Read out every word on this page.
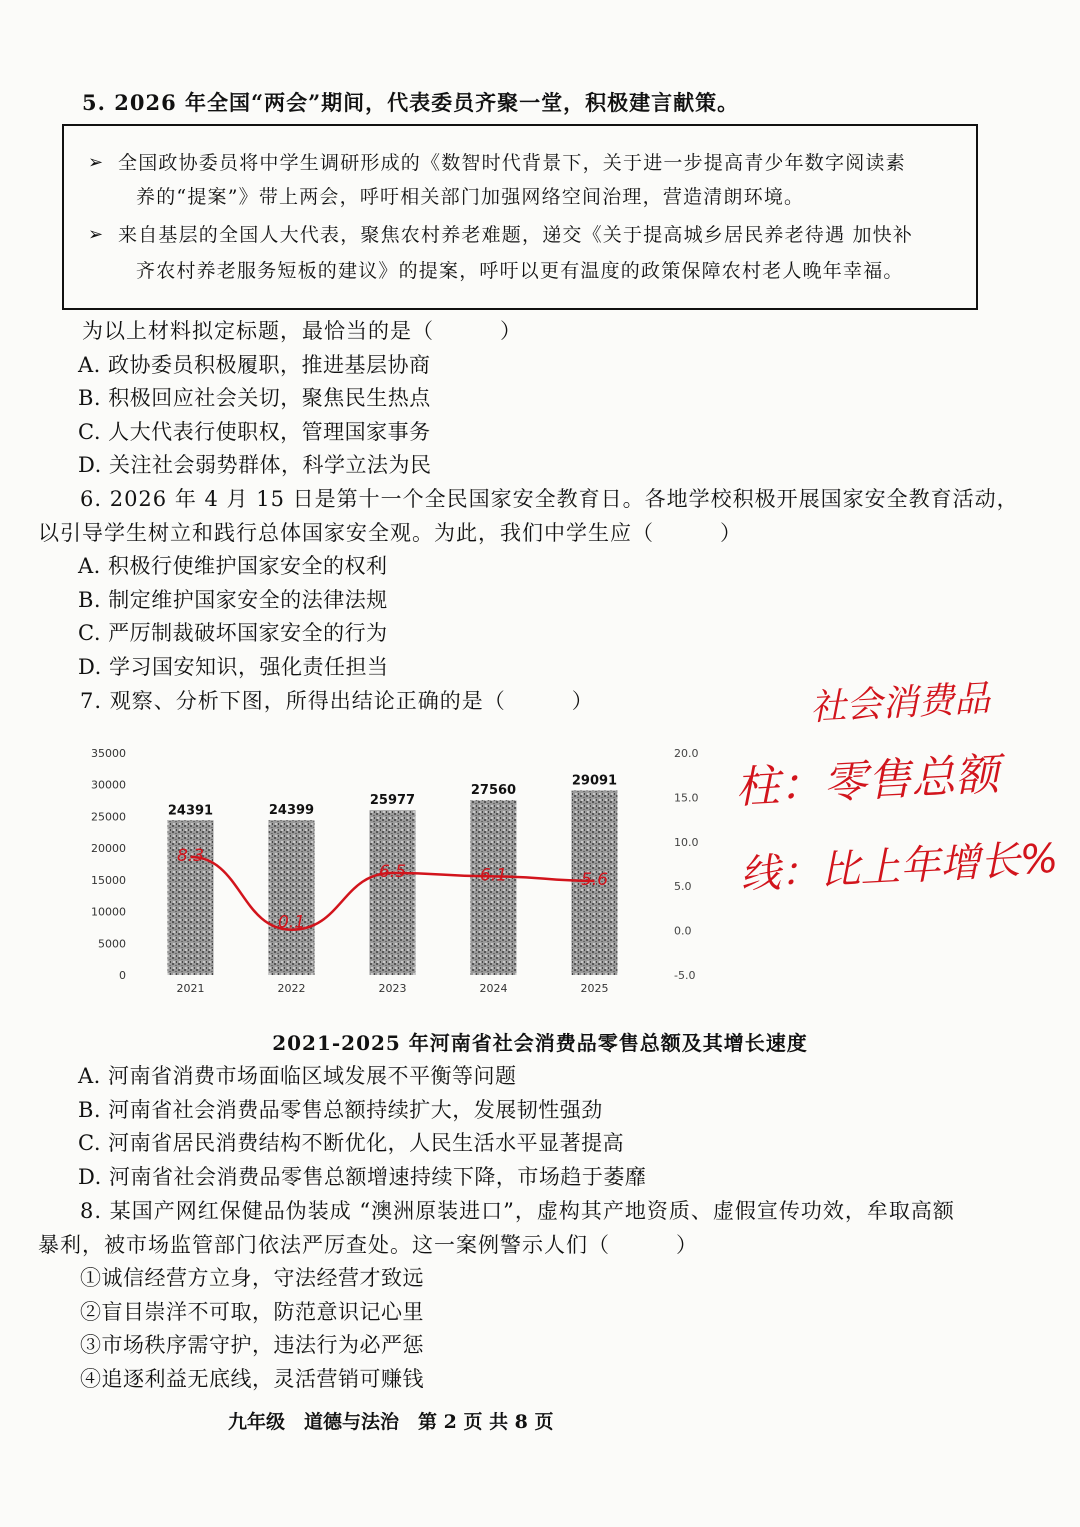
5. 2026 年全国“两会”期间，代表委员齐聚一堂，积极建言献策。
➢ 全国政协委员将中学生调研形成的《数智时代背景下，关于进一步提高青少年数字阅读素
养的“提案”》带上两会，呼吁相关部门加强网络空间治理，营造清朗环境。
➢ 来自基层的全国人大代表，聚焦农村养老难题，递交《关于提高城乡居民养老待遇 加快补
齐农村养老服务短板的建议》的提案，呼吁以更有温度的政策保障农村老人晚年幸福。
为以上材料拟定标题，最恰当的是（　　　）
A. 政协委员积极履职，推进基层协商
B. 积极回应社会关切，聚焦民生热点
C. 人大代表行使职权，管理国家事务
D. 关注社会弱势群体，科学立法为民
6. 2026 年 4 月 15 日是第十一个全民国家安全教育日。各地学校积极开展国家安全教育活动，
以引导学生树立和践行总体国家安全观。为此，我们中学生应（　　　）
A. 积极行使维护国家安全的权利
B. 制定维护国家安全的法律法规
C. 严厉制裁破坏国家安全的行为
D. 学习国安知识，强化责任担当
7. 观察、分析下图，所得出结论正确的是（　　　）	社会消费品
柱：零售总额
线：比上年增长%
24391	24399
25977
27560
29091
0
5000
10000
15000
20000
25000
30000
35000	20.0
15.0
10.0
5.0
0.0
-5.0
2021	2022	2023	2024	2025
8.3
0.1
6.5	6.1	5.6
2021-2025 年河南省社会消费品零售总额及其增长速度
A. 河南省消费市场面临区域发展不平衡等问题
B. 河南省社会消费品零售总额持续扩大，发展韧性强劲
C. 河南省居民消费结构不断优化，人民生活水平显著提高
D. 河南省社会消费品零售总额增速持续下降，市场趋于萎靡
8. 某国产网红保健品伪装成 “澳洲原装进口”，虚构其产地资质、虚假宣传功效，牟取高额
暴利，被市场监管部门依法严厉查处。这一案例警示人们（　　　）
①诚信经营方立身，守法经营才致远
②盲目崇洋不可取，防范意识记心里
③市场秩序需守护，违法行为必严惩
④追逐利益无底线，灵活营销可赚钱
九年级　道德与法治　第 2 页 共 8 页
